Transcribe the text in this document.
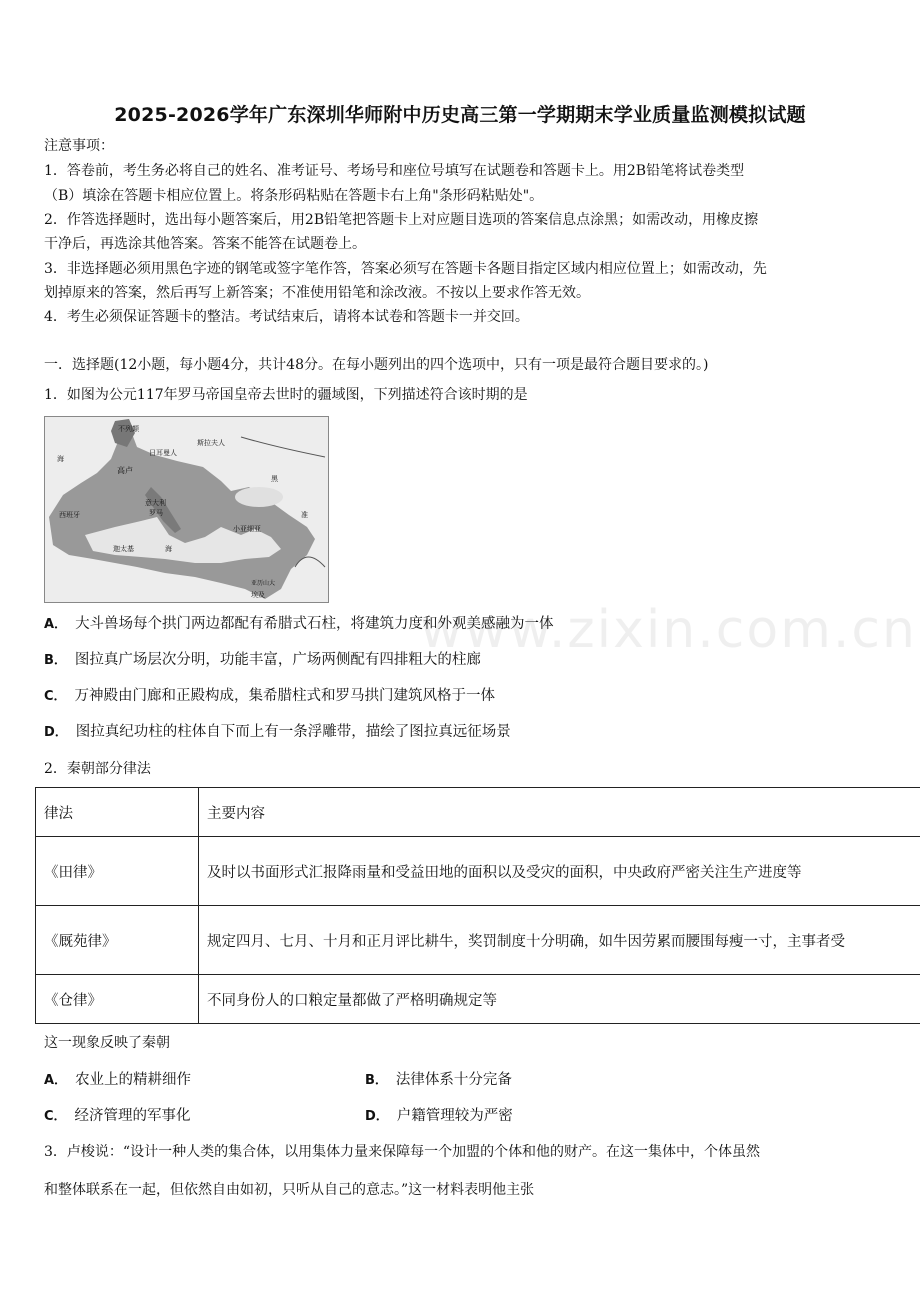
2025-2026学年广东深圳华师附中历史高三第一学期期末学业质量监测模拟试题
注意事项：
1．答卷前，考生务必将自己的姓名、准考证号、考场号和座位号填写在试题卷和答题卡上。用2B铅笔将试卷类型
（B）填涂在答题卡相应位置上。将条形码粘贴在答题卡右上角"条形码粘贴处"。
2．作答选择题时，选出每小题答案后，用2B铅笔把答题卡上对应题目选项的答案信息点涂黑；如需改动，用橡皮擦
干净后，再选涂其他答案。答案不能答在试题卷上。
3．非选择题必须用黑色字迹的钢笔或签字笔作答，答案必须写在答题卡各题目指定区域内相应位置上；如需改动，先
划掉原来的答案，然后再写上新答案；不准使用铅笔和涂改液。不按以上要求作答无效。
4．考生必须保证答题卡的整洁。考试结束后，请将本试卷和答题卡一并交回。
一．选择题(12小题，每小题4分，共计48分。在每小题列出的四个选项中，只有一项是最符合题目要求的。)
1．如图为公元117年罗马帝国皇帝去世时的疆域图，下列描述符合该时期的是
不列颠
日耳曼人
斯拉夫人
高卢
西班牙
意大利
罗马
迦太基
小亚细亚
亚历山大
埃及
海
海
准
黑
www.zixin.com.cn
A． 大斗兽场每个拱门两边都配有希腊式石柱，将建筑力度和外观美感融为一体
B． 图拉真广场层次分明，功能丰富，广场两侧配有四排粗大的柱廊
C． 万神殿由门廊和正殿构成，集希腊柱式和罗马拱门建筑风格于一体
D． 图拉真纪功柱的柱体自下而上有一条浮雕带，描绘了图拉真远征场景
2．秦朝部分律法
律法	主要内容
《田律》	及时以书面形式汇报降雨量和受益田地的面积以及受灾的面积，中央政府严密关注生产进度等
《厩苑律》	规定四月、七月、十月和正月评比耕牛，奖罚制度十分明确，如牛因劳累而腰围每瘦一寸，主事者受
《仓律》	不同身份人的口粮定量都做了严格明确规定等
这一现象反映了秦朝
A． 农业上的精耕细作	B． 法律体系十分完备
C． 经济管理的军事化	D． 户籍管理较为严密
3．卢梭说：“设计一种人类的集合体，以用集体力量来保障每一个加盟的个体和他的财产。在这一集体中，个体虽然
和整体联系在一起，但依然自由如初，只听从自己的意志。”这一材料表明他主张
